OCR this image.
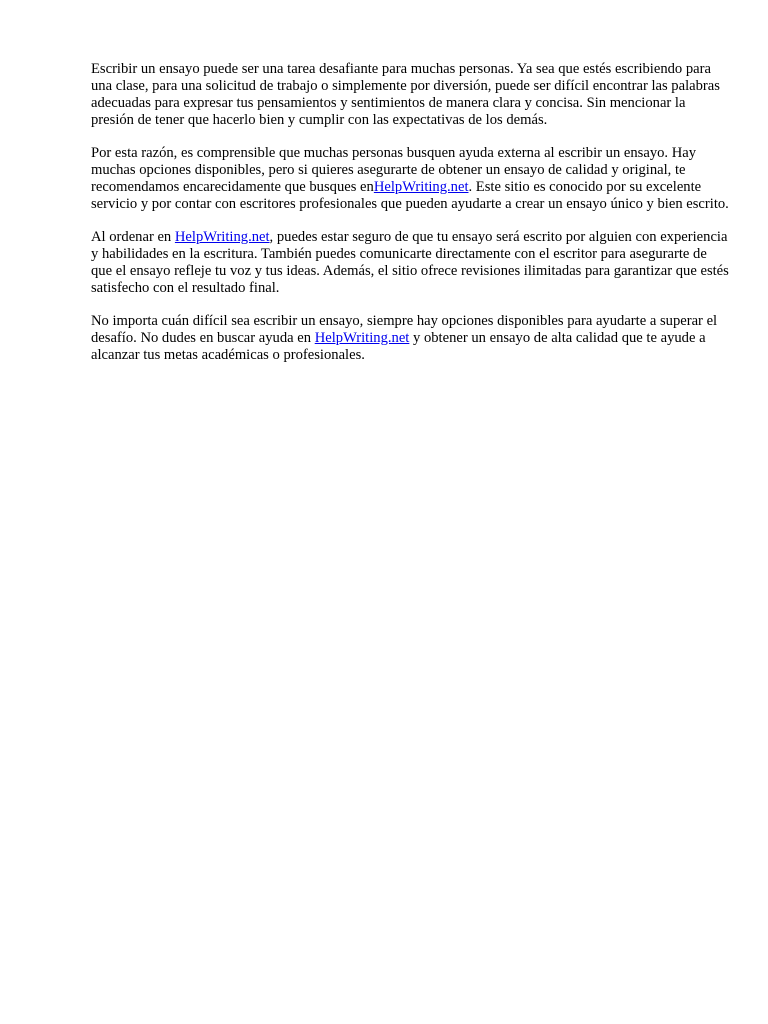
Escribir un ensayo puede ser una tarea desafiante para muchas personas. Ya sea que estés escribiendo para una clase, para una solicitud de trabajo o simplemente por diversión, puede ser difícil encontrar las palabras adecuadas para expresar tus pensamientos y sentimientos de manera clara y concisa. Sin mencionar la presión de tener que hacerlo bien y cumplir con las expectativas de los demás.

Por esta razón, es comprensible que muchas personas busquen ayuda externa al escribir un ensayo. Hay muchas opciones disponibles, pero si quieres asegurarte de obtener un ensayo de calidad y original, te recomendamos encarecidamente que busques enHelpWriting.net. Este sitio es conocido por su excelente servicio y por contar con escritores profesionales que pueden ayudarte a crear un ensayo único y bien escrito.

Al ordenar en HelpWriting.net, puedes estar seguro de que tu ensayo será escrito por alguien con experiencia y habilidades en la escritura. También puedes comunicarte directamente con el escritor para asegurarte de que el ensayo refleje tu voz y tus ideas. Además, el sitio ofrece revisiones ilimitadas para garantizar que estés satisfecho con el resultado final.

No importa cuán difícil sea escribir un ensayo, siempre hay opciones disponibles para ayudarte a superar el desafío. No dudes en buscar ayuda en HelpWriting.net y obtener un ensayo de alta calidad que te ayude a alcanzar tus metas académicas o profesionales.
